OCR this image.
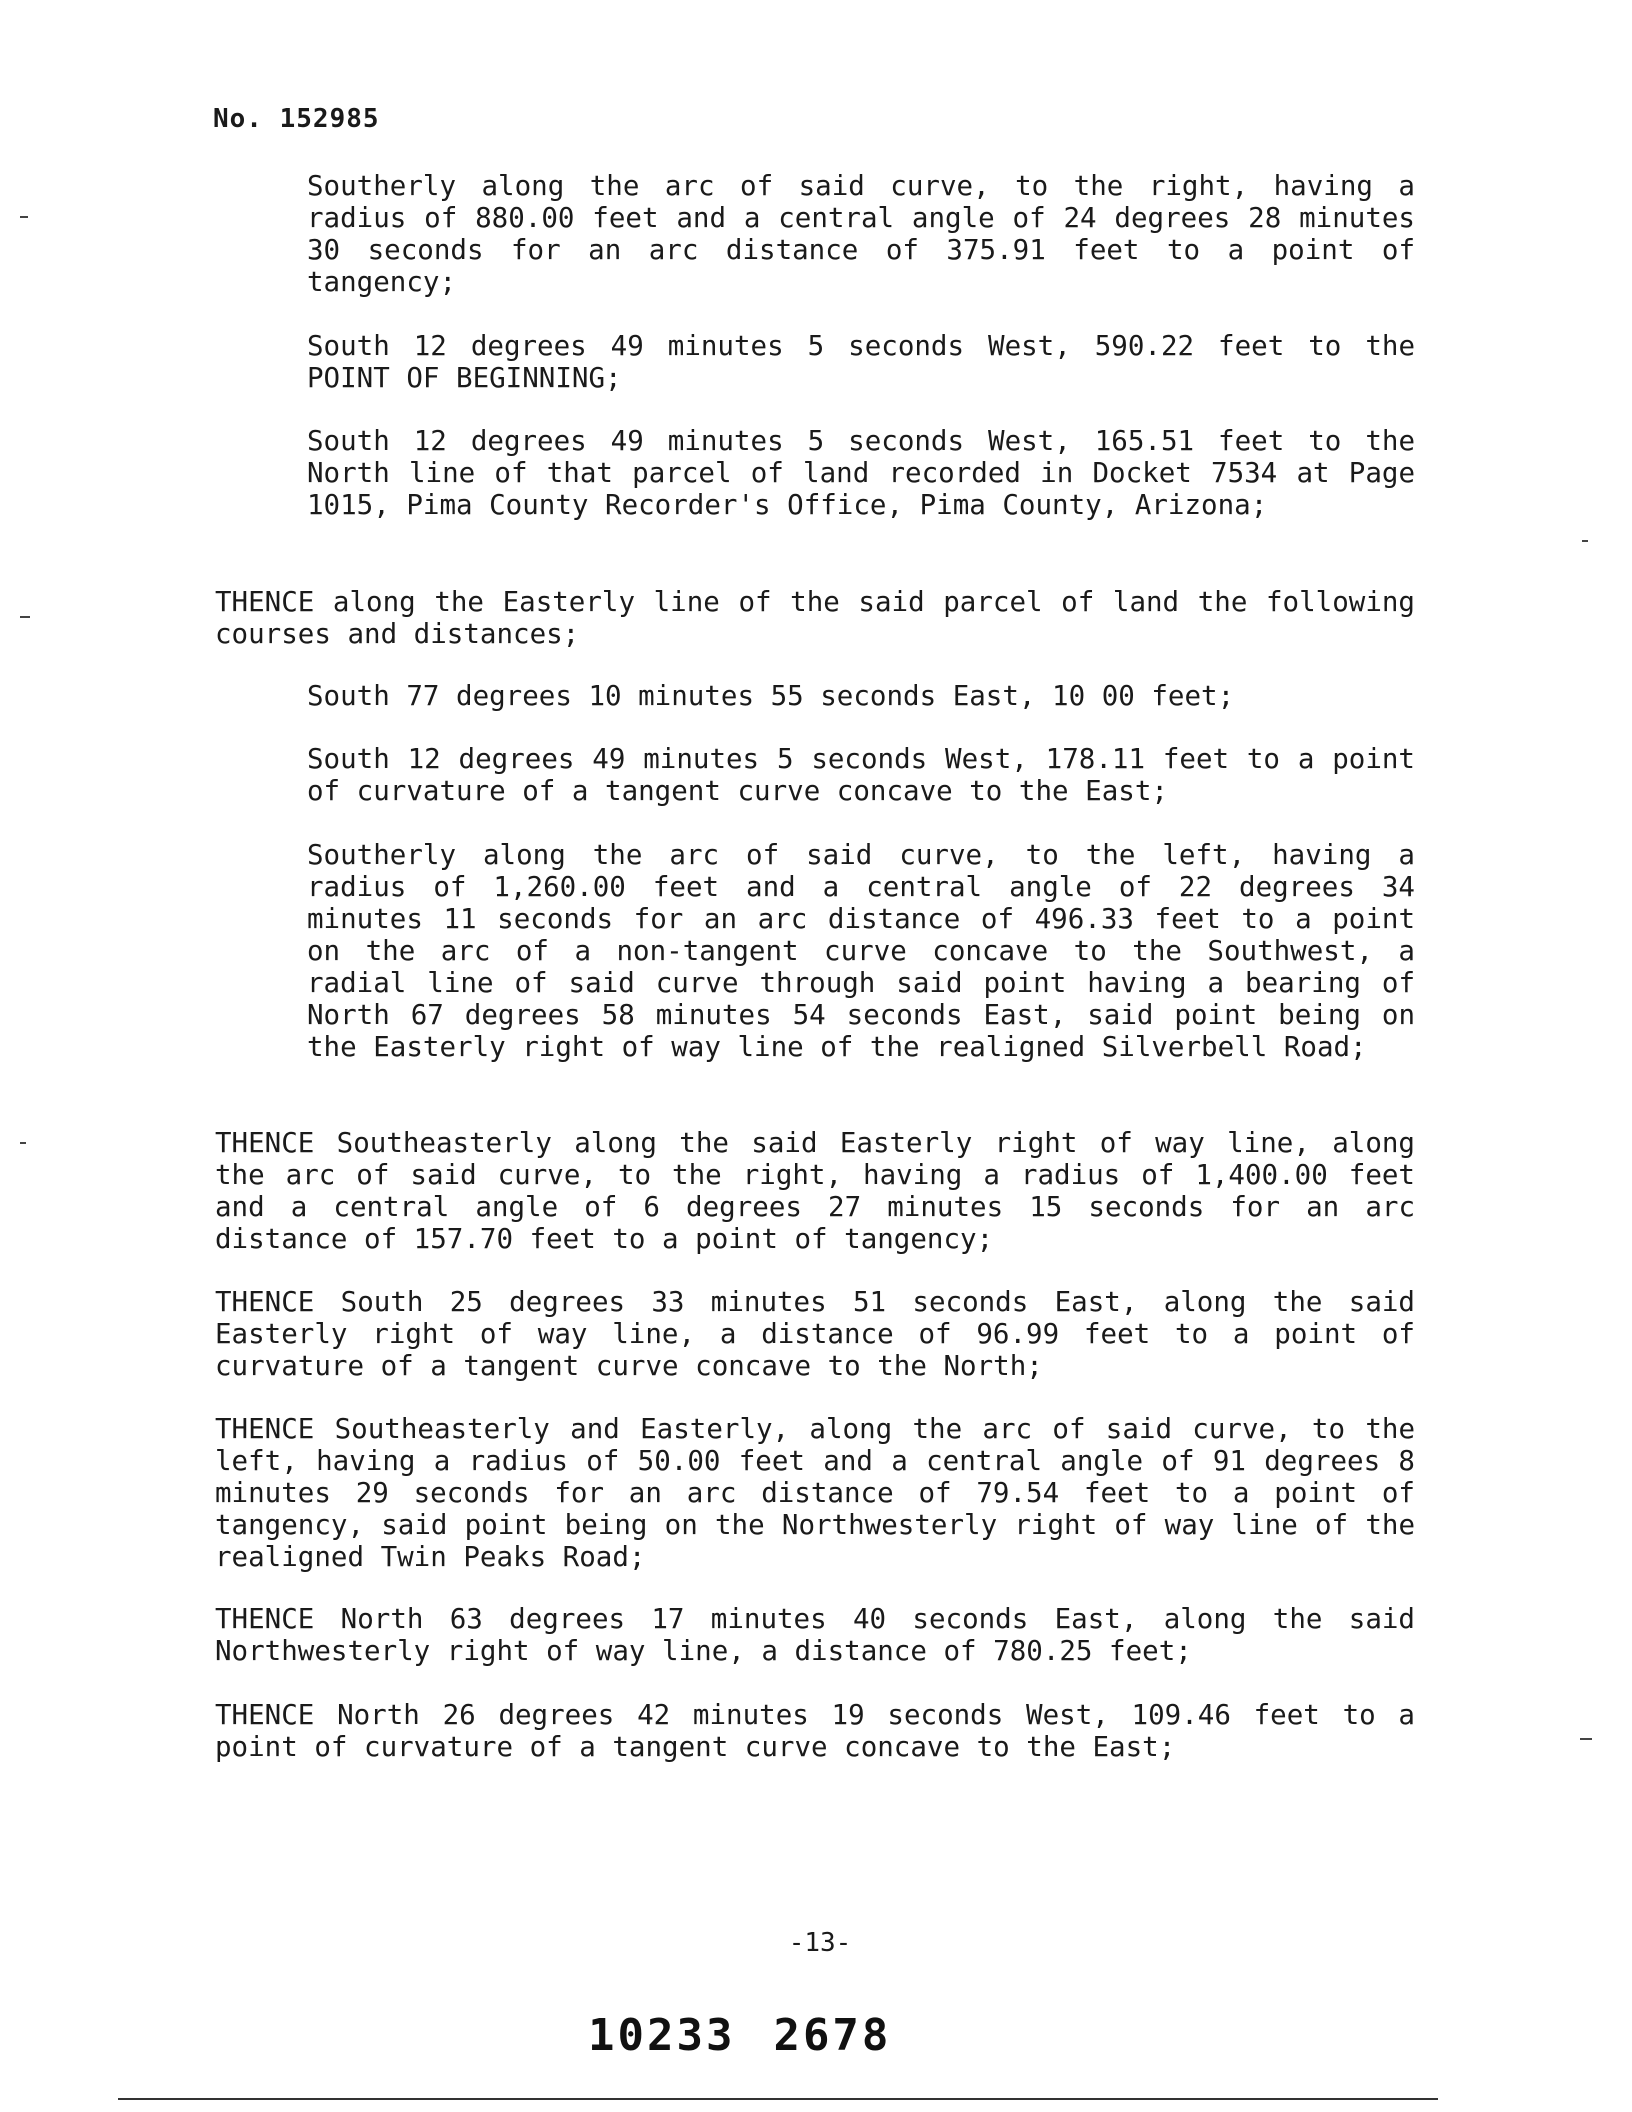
No. 152985

Southerly along the arc of said curve, to the right, having a radius of 880.00 feet and a central angle of 24 degrees 28 minutes 30 seconds for an arc distance of 375.91 feet to a point of tangency;

South 12 degrees 49 minutes 5 seconds West, 590.22 feet to the POINT OF BEGINNING;

South 12 degrees 49 minutes 5 seconds West, 165.51 feet to the North line of that parcel of land recorded in Docket 7534 at Page 1015, Pima County Recorder's Office, Pima County, Arizona;

THENCE along the Easterly line of the said parcel of land the following courses and distances;

South 77 degrees 10 minutes 55 seconds East, 10 00 feet;

South 12 degrees 49 minutes 5 seconds West, 178.11 feet to a point of curvature of a tangent curve concave to the East;

Southerly along the arc of said curve, to the left, having a radius of 1,260.00 feet and a central angle of 22 degrees 34 minutes 11 seconds for an arc distance of 496.33 feet to a point on the arc of a non-tangent curve concave to the Southwest, a radial line of said curve through said point having a bearing of North 67 degrees 58 minutes 54 seconds East, said point being on the Easterly right of way line of the realigned Silverbell Road;

THENCE Southeasterly along the said Easterly right of way line, along the arc of said curve, to the right, having a radius of 1,400.00 feet and a central angle of 6 degrees 27 minutes 15 seconds for an arc distance of 157.70 feet to a point of tangency;

THENCE South 25 degrees 33 minutes 51 seconds East, along the said Easterly right of way line, a distance of 96.99 feet to a point of curvature of a tangent curve concave to the North;

THENCE Southeasterly and Easterly, along the arc of said curve, to the left, having a radius of 50.00 feet and a central angle of 91 degrees 8 minutes 29 seconds for an arc distance of 79.54 feet to a point of tangency, said point being on the Northwesterly right of way line of the realigned Twin Peaks Road;

THENCE North 63 degrees 17 minutes 40 seconds East, along the said Northwesterly right of way line, a distance of 780.25 feet;

THENCE North 26 degrees 42 minutes 19 seconds West, 109.46 feet to a point of curvature of a tangent curve concave to the East;

-13-
10233 2678
